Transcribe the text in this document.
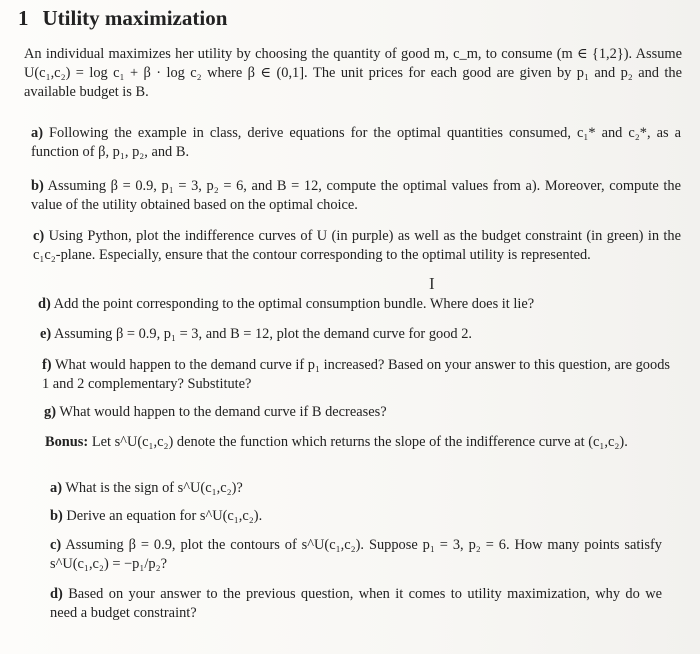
1 Utility maximization
An individual maximizes her utility by choosing the quantity of good m, c_m, to consume (m ∈ {1,2}). Assume U(c₁,c₂) = log c₁ + β · log c₂ where β ∈ (0,1]. The unit prices for each good are given by p₁ and p₂ and the available budget is B.
a) Following the example in class, derive equations for the optimal quantities consumed, c₁* and c₂*, as a function of β, p₁, p₂, and B.
b) Assuming β = 0.9, p₁ = 3, p₂ = 6, and B = 12, compute the optimal values from a). Moreover, compute the value of the utility obtained based on the optimal choice.
c) Using Python, plot the indifference curves of U (in purple) as well as the budget constraint (in green) in the c₁c₂-plane. Especially, ensure that the contour corresponding to the optimal utility is represented.
I
d) Add the point corresponding to the optimal consumption bundle. Where does it lie?
e) Assuming β = 0.9, p₁ = 3, and B = 12, plot the demand curve for good 2.
f) What would happen to the demand curve if p₁ increased? Based on your answer to this question, are goods 1 and 2 complementary? Substitute?
g) What would happen to the demand curve if B decreases?
Bonus: Let s^U(c₁,c₂) denote the function which returns the slope of the indifference curve at (c₁,c₂).
a) What is the sign of s^U(c₁,c₂)?
b) Derive an equation for s^U(c₁,c₂).
c) Assuming β = 0.9, plot the contours of s^U(c₁,c₂). Suppose p₁ = 3, p₂ = 6. How many points satisfy s^U(c₁,c₂) = −p₁/p₂?
d) Based on your answer to the previous question, when it comes to utility maximization, why do we need a budget constraint?
